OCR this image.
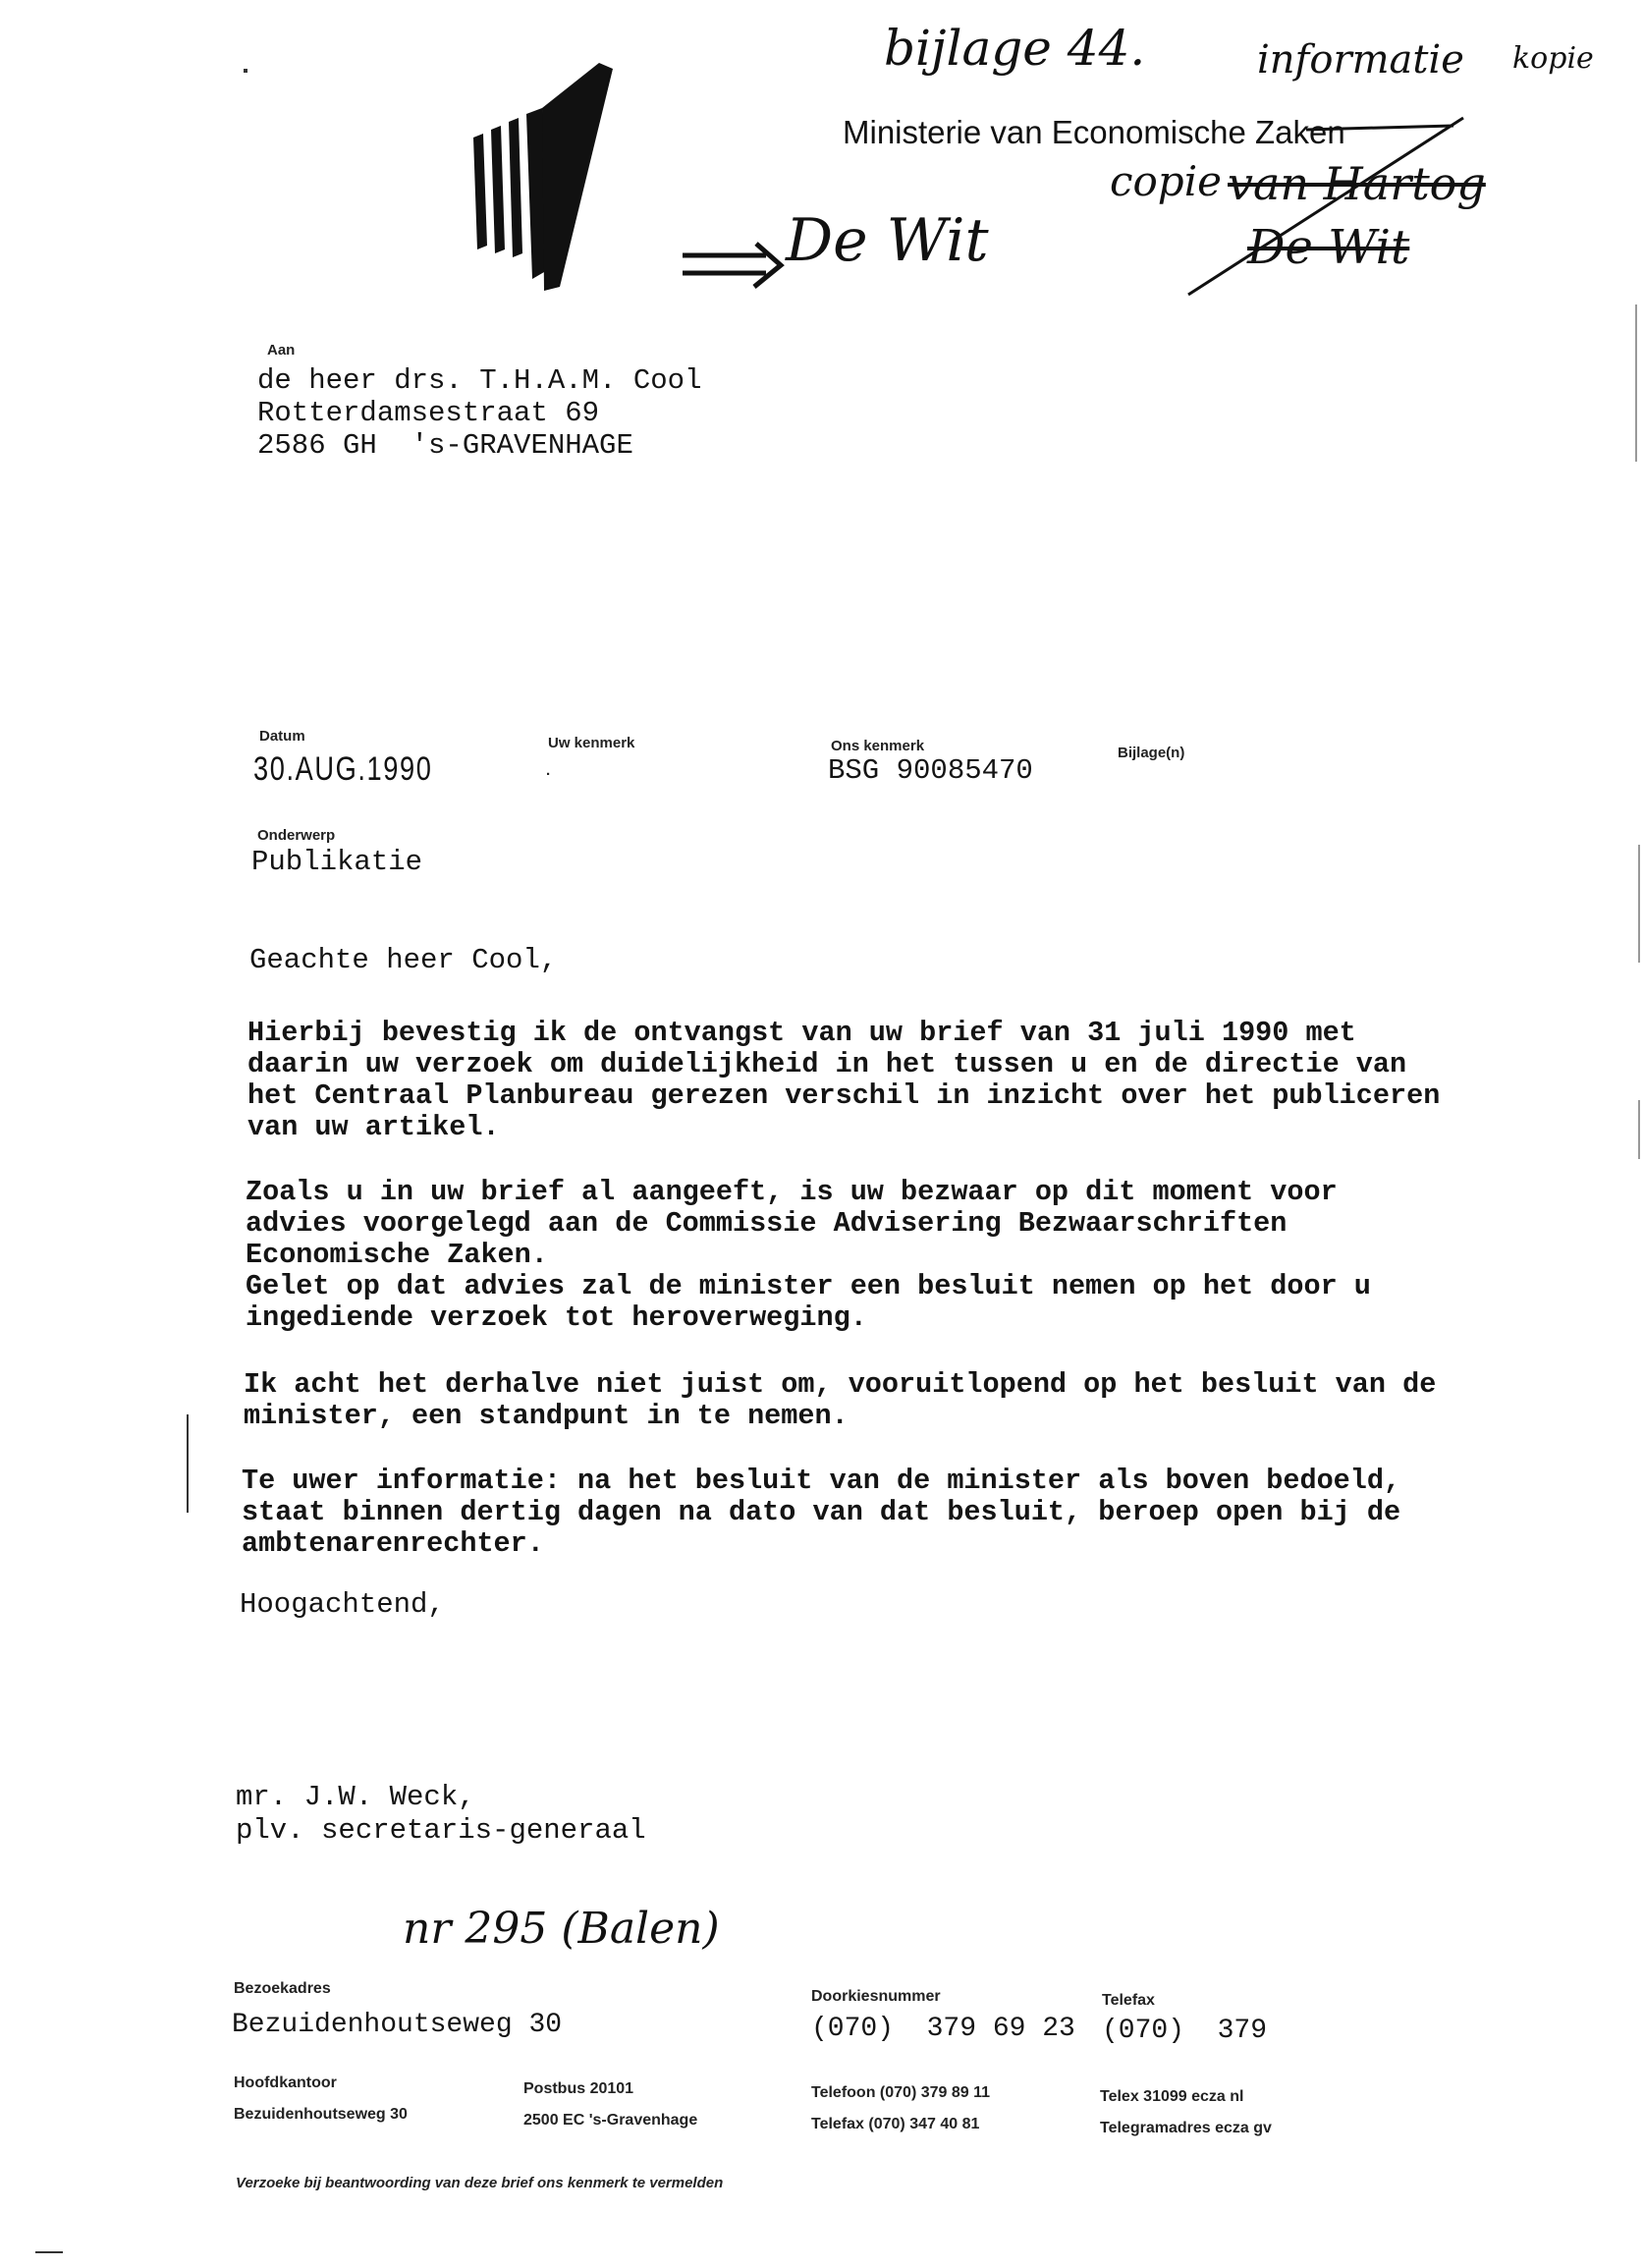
bijlage 44.	informatie kopie
Ministerie van Economische Zaken
De Wit
copie van Hartog
De Wit
Aan
de heer drs. T.H.A.M. Cool
Rotterdamsestraat 69
2586 GH  's-GRAVENHAGE
Datum
30.AUG.1990
Uw kenmerk
.
Ons kenmerk
BSG 90085470
Bijlage(n)
Onderwerp
Publikatie
Geachte heer Cool,
Hierbij bevestig ik de ontvangst van uw brief van 31 juli 1990 met
daarin uw verzoek om duidelijkheid in het tussen u en de directie van
het Centraal Planbureau gerezen verschil in inzicht over het publiceren
van uw artikel.
Zoals u in uw brief al aangeeft, is uw bezwaar op dit moment voor
advies voorgelegd aan de Commissie Advisering Bezwaarschriften
Economische Zaken.
Gelet op dat advies zal de minister een besluit nemen op het door u
ingediende verzoek tot heroverweging.
Ik acht het derhalve niet juist om, vooruitlopend op het besluit van de
minister, een standpunt in te nemen.
Te uwer informatie: na het besluit van de minister als boven bedoeld,
staat binnen dertig dagen na dato van dat besluit, beroep open bij de
ambtenarenrechter.
Hoogachtend,
mr. J.W. Weck,
plv. secretaris-generaal
nr 295 (Balen)
Bezoekadres
Bezuidenhoutseweg 30
Doorkiesnummer
(070)  379 69 23
Telefax
(070)  379
Hoofdkantoor
Bezuidenhoutseweg 30
Postbus 20101
2500 EC 's-Gravenhage
Telefoon (070) 379 89 11
Telefax (070) 347 40 81
Telex 31099 ecza nl
Telegramadres ecza gv
Verzoeke bij beantwoording van deze brief ons kenmerk te vermelden
